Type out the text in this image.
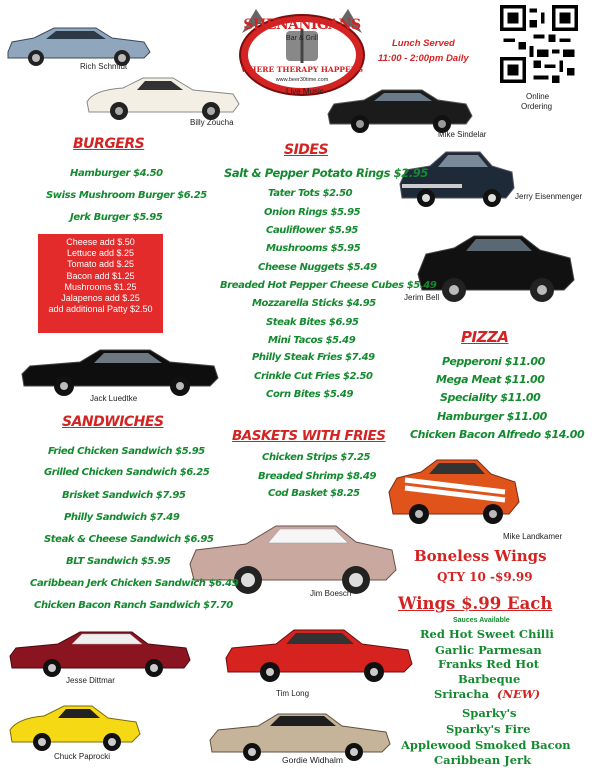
Rich Schmidt
Billy Zoucha
Mike Sindelar
Jerry Eisenmenger
Jerim Bell
Jack Luedtke
Mike Landkamer
Jim Boesch
Jesse Dittmar
Tim Long
Chuck Paprocki	Gordie Widhalm
SHENANIGANS
Bar & Grill
WHERE THERAPY HAPPENS
www.beer30time.com
Live Music
Lunch Served
11:00 - 2:00pm Daily
Online
Ordering
BURGERS
Hamburger $4.50
Swiss Mushroom Burger $6.25
Jerk Burger $5.95
Cheese add $.50
Lettuce add $.25
Tomato add $.25
Bacon add $1.25
Mushrooms $1.25
Jalapenos add $.25
add additional Patty $2.50
SIDES
Salt & Pepper Potato Rings $2.95
Tater Tots $2.50
Onion Rings $5.95
Cauliflower $5.95
Mushrooms $5.95
Cheese Nuggets $5.49
Breaded Hot Pepper Cheese Cubes $5.49
Mozzarella Sticks $4.95
Steak Bites $6.95
Mini Tacos $5.49
Philly Steak Fries $7.49
Crinkle Cut Fries $2.50
Corn Bites $5.49
PIZZA
Pepperoni $11.00
Mega Meat $11.00
Speciality $11.00
Hamburger $11.00
Chicken Bacon Alfredo $14.00
SANDWICHES
Fried Chicken Sandwich $5.95
Grilled Chicken Sandwich $6.25
Brisket Sandwich $7.95
Philly Sandwich $7.49
Steak & Cheese Sandwich $6.95
BLT Sandwich $5.95
Caribbean Jerk Chicken Sandwich $6.49
Chicken Bacon Ranch Sandwich $7.70
BASKETS WITH FRIES
Chicken Strips $7.25
Breaded Shrimp $8.49
Cod Basket $8.25
Boneless Wings
QTY 10 -$9.99
Wings $.99 Each
Sauces Available
Red Hot Sweet Chilli
Garlic Parmesan
Franks Red Hot
Barbeque
Sriracha (NEW)
Sparky's
Sparky's Fire
Applewood Smoked Bacon
Caribbean Jerk
